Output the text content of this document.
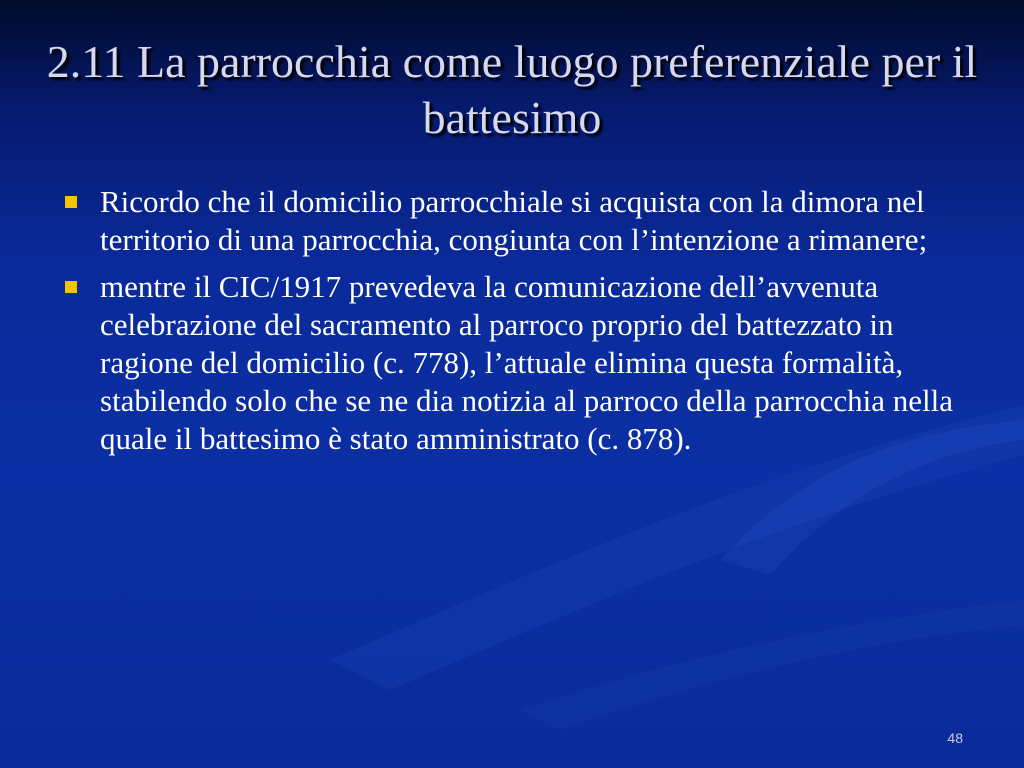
2.11 La parrocchia come luogo preferenziale per il battesimo
Ricordo che il domicilio parrocchiale si acquista con la dimora nel territorio di una parrocchia, congiunta con l’intenzione a rimanere;
mentre il CIC/1917 prevedeva la comunicazione dell’avvenuta celebrazione del sacramento al parroco proprio del battezzato in ragione del domicilio (c. 778), l’attuale elimina questa formalità, stabilendo solo che se ne dia notizia al parroco della parrocchia nella quale il battesimo è stato amministrato (c. 878).
48
